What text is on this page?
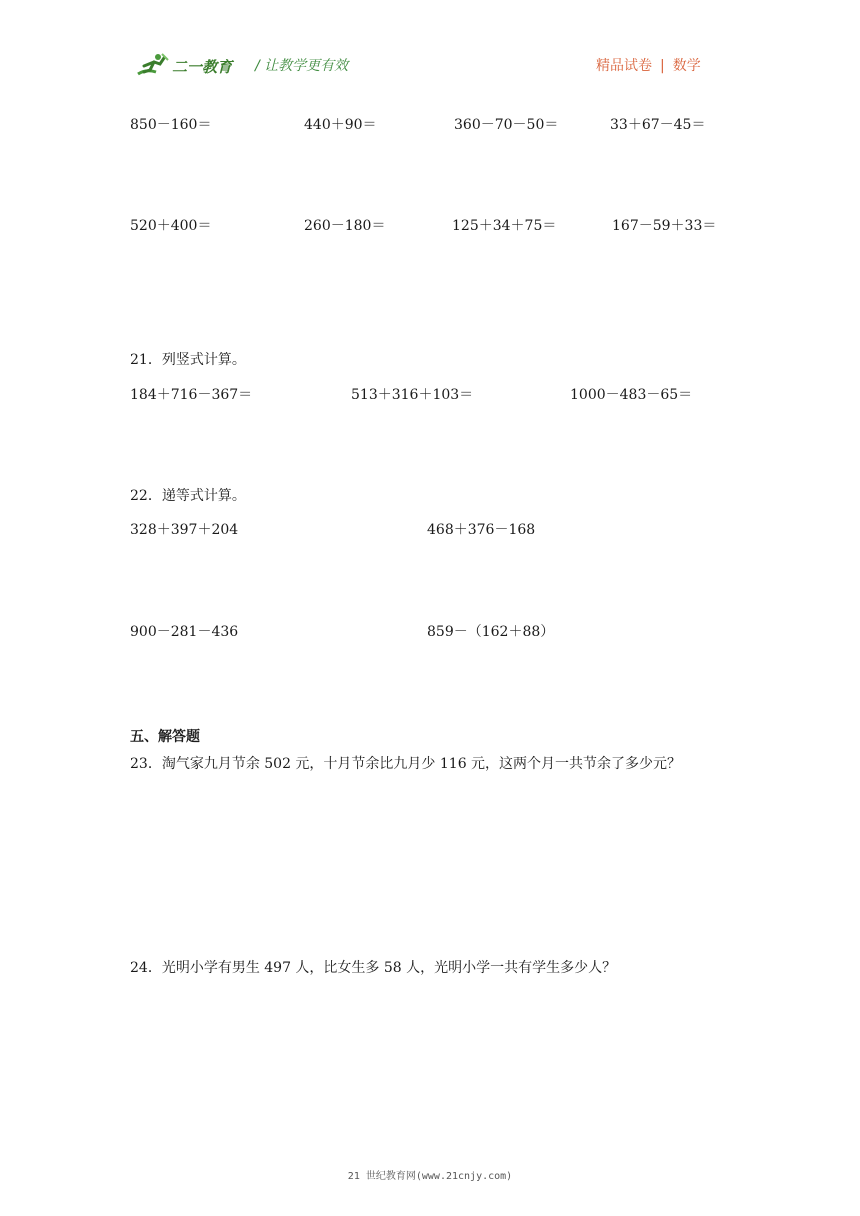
二一教育 / 让教学更有效	精品试卷 | 数学
850－160＝	440＋90＝	360－70－50＝	33＋67－45＝
520＋400＝	260－180＝	125＋34＋75＝	167－59＋33＝
21．列竖式计算。
184＋716－367＝	513＋316＋103＝	1000－483－65＝
22．递等式计算。
328＋397＋204	468＋376－168
900－281－436	859－（162＋88）
五、解答题
23．淘气家九月节余 502 元，十月节余比九月少 116 元，这两个月一共节余了多少元？
24．光明小学有男生 497 人，比女生多 58 人，光明小学一共有学生多少人？
21 世纪教育网(www.21cnjy.com)
